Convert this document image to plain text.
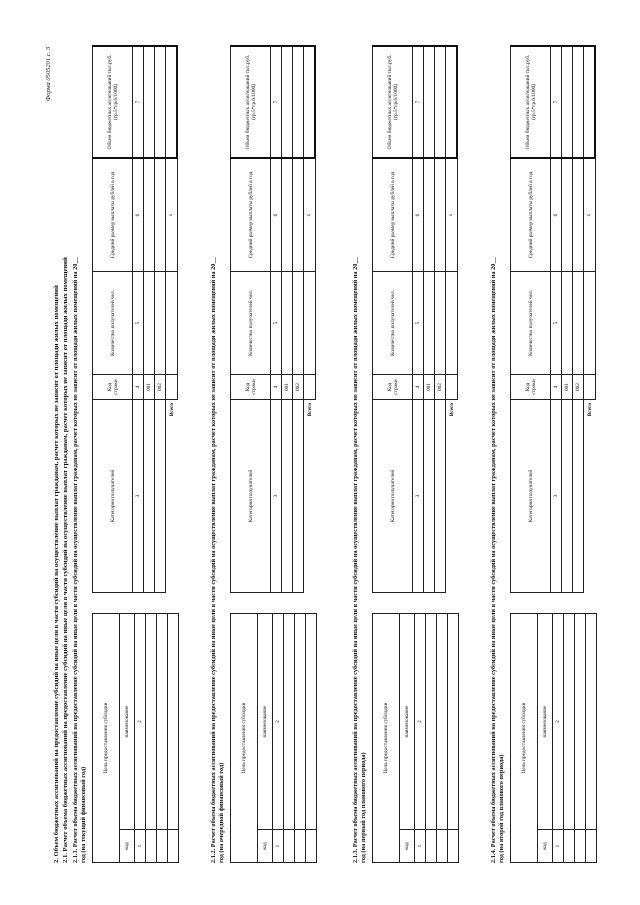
Форма 0505201 с. 3
2. Объем бюджетных ассигнований на предоставление субсидий на иные цели в части субсидий на осуществление выплат гражданам, расчет которых не зависит от площади жилых помещений 2.1. Расчет объема бюджетных ассигнований на предоставление субсидий на иные цели в части субсидий на осуществление выплат гражданам, расчет которых не зависит от площади жилых помещений 2.1.1. Расчет объема бюджетных ассигнований на предоставление субсидий на иные цели в части субсидий на осуществление выплат гражданам, расчет которых не зависит от площади жилых помещений на 20__ год (на текущий финансовый год)
Цель предоставления субсидии	
код	наименование
1	2

Категория получателей	Код строки	Количество получателей чел.	Средний размер выплаты рублей в год	Объем бюджетных ассигнований тыс.руб. (гр.5*гр.6/1000)
3	4	5	6	7
	001			
	002			
Всего			x	
2.1.2. Расчет объема бюджетных ассигнований на предоставление субсидий на иные цели в части субсидий на осуществление выплат гражданам, расчет которых не зависит от площади жилых помещений на 20__ год (на очередной финансовый год)
Цель предоставления субсидии	
код	наименование
1	2

Категория получателей	Код строки	Количество получателей чел.	Средний размер выплаты рублей в год	Объем бюджетных ассигнований тыс.руб. (гр.5*гр.6/1000)
3	4	5	6	7
	001			
	002			
Всего			x	
2.1.3. Расчет объема бюджетных ассигнований на предоставление субсидий на иные цели в части субсидий на осуществление выплат гражданам, расчет которых не зависит от площади жилых помещений на 20__ год (на первый год планового периода)
Цель предоставления субсидии	
код	наименование
1	2

Категория получателей	Код строки	Количество получателей чел.	Средний размер выплаты рублей в год	Объем бюджетных ассигнований тыс.руб. (гр.5*гр.6/1000)
3	4	5	6	7
	001			
	002			
Всего			x	
2.1.4. Расчет объема бюджетных ассигнований на предоставление субсидий на иные цели в части субсидий на осуществление выплат гражданам, расчет которых не зависит от площади жилых помещений на 20__ год (на второй год планового периода)
Цель предоставления субсидии	
код	наименование
1	2

Категория получателей	Код строки	Количество получателей чел.	Средний размер выплаты рублей в год	Объем бюджетных ассигнований тыс.руб. (гр.5*гр.6/1000)
3	4	5	6	7
	001			
	002			
Всего			x	
